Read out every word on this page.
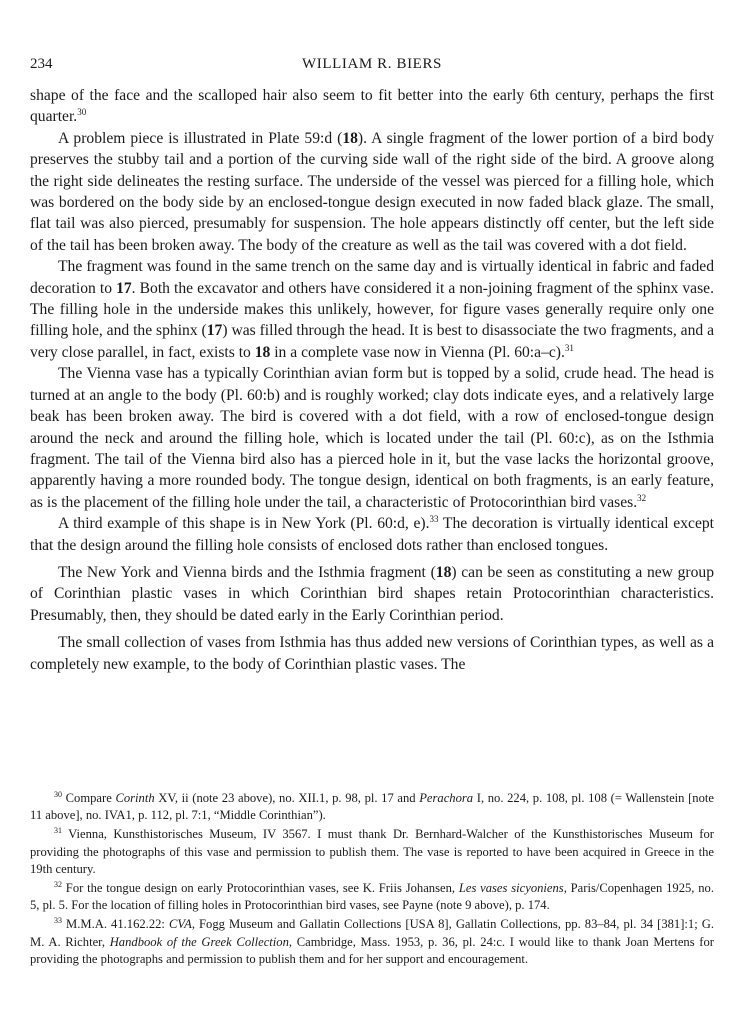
234	WILLIAM R. BIERS

shape of the face and the scalloped hair also seem to fit better into the early 6th century, perhaps the first quarter.$^{30}$

A problem piece is illustrated in Plate 59:d (18). A single fragment of the lower portion of a bird body preserves the stubby tail and a portion of the curving side wall of the right side of the bird. A groove along the right side delineates the resting surface. The underside of the vessel was pierced for a filling hole, which was bordered on the body side by an enclosed-tongue design executed in now faded black glaze. The small, flat tail was also pierced, presumably for suspension. The hole appears distinctly off center, but the left side of the tail has been broken away. The body of the creature as well as the tail was covered with a dot field.

The fragment was found in the same trench on the same day and is virtually identical in fabric and faded decoration to 17. Both the excavator and others have considered it a non-joining fragment of the sphinx vase. The filling hole in the underside makes this unlikely, however, for figure vases generally require only one filling hole, and the sphinx (17) was filled through the head. It is best to disassociate the two fragments, and a very close parallel, in fact, exists to 18 in a complete vase now in Vienna (Pl. 60:a–c).$^{31}$

The Vienna vase has a typically Corinthian avian form but is topped by a solid, crude head. The head is turned at an angle to the body (Pl. 60:b) and is roughly worked; clay dots indicate eyes, and a relatively large beak has been broken away. The bird is covered with a dot field, with a row of enclosed-tongue design around the neck and around the filling hole, which is located under the tail (Pl. 60:c), as on the Isthmia fragment. The tail of the Vienna bird also has a pierced hole in it, but the vase lacks the horizontal groove, apparently having a more rounded body. The tongue design, identical on both fragments, is an early feature, as is the placement of the filling hole under the tail, a characteristic of Protocorinthian bird vases.$^{32}$

A third example of this shape is in New York (Pl. 60:d, e).$^{33}$ The decoration is virtually identical except that the design around the filling hole consists of enclosed dots rather than enclosed tongues.

The New York and Vienna birds and the Isthmia fragment (18) can be seen as constituting a new group of Corinthian plastic vases in which Corinthian bird shapes retain Protocorinthian characteristics. Presumably, then, they should be dated early in the Early Corinthian period.

The small collection of vases from Isthmia has thus added new versions of Corinthian types, as well as a completely new example, to the body of Corinthian plastic vases. The

$^{30}$ Compare Corinth XV, ii (note 23 above), no. XII.1, p. 98, pl. 17 and Perachora I, no. 224, p. 108, pl. 108 (= Wallenstein [note 11 above], no. IVA1, p. 112, pl. 7:1, “Middle Corinthian”).

$^{31}$ Vienna, Kunsthistorisches Museum, IV 3567. I must thank Dr. Bernhard-Walcher of the Kunsthistorisches Museum for providing the photographs of this vase and permission to publish them. The vase is reported to have been acquired in Greece in the 19th century.

$^{32}$ For the tongue design on early Protocorinthian vases, see K. Friis Johansen, Les vases sicyoniens, Paris/Copenhagen 1925, no. 5, pl. 5. For the location of filling holes in Protocorinthian bird vases, see Payne (note 9 above), p. 174.

$^{33}$ M.M.A. 41.162.22: CVA, Fogg Museum and Gallatin Collections [USA 8], Gallatin Collections, pp. 83–84, pl. 34 [381]:1; G. M. A. Richter, Handbook of the Greek Collection, Cambridge, Mass. 1953, p. 36, pl. 24:c. I would like to thank Joan Mertens for providing the photographs and permission to publish them and for her support and encouragement.
